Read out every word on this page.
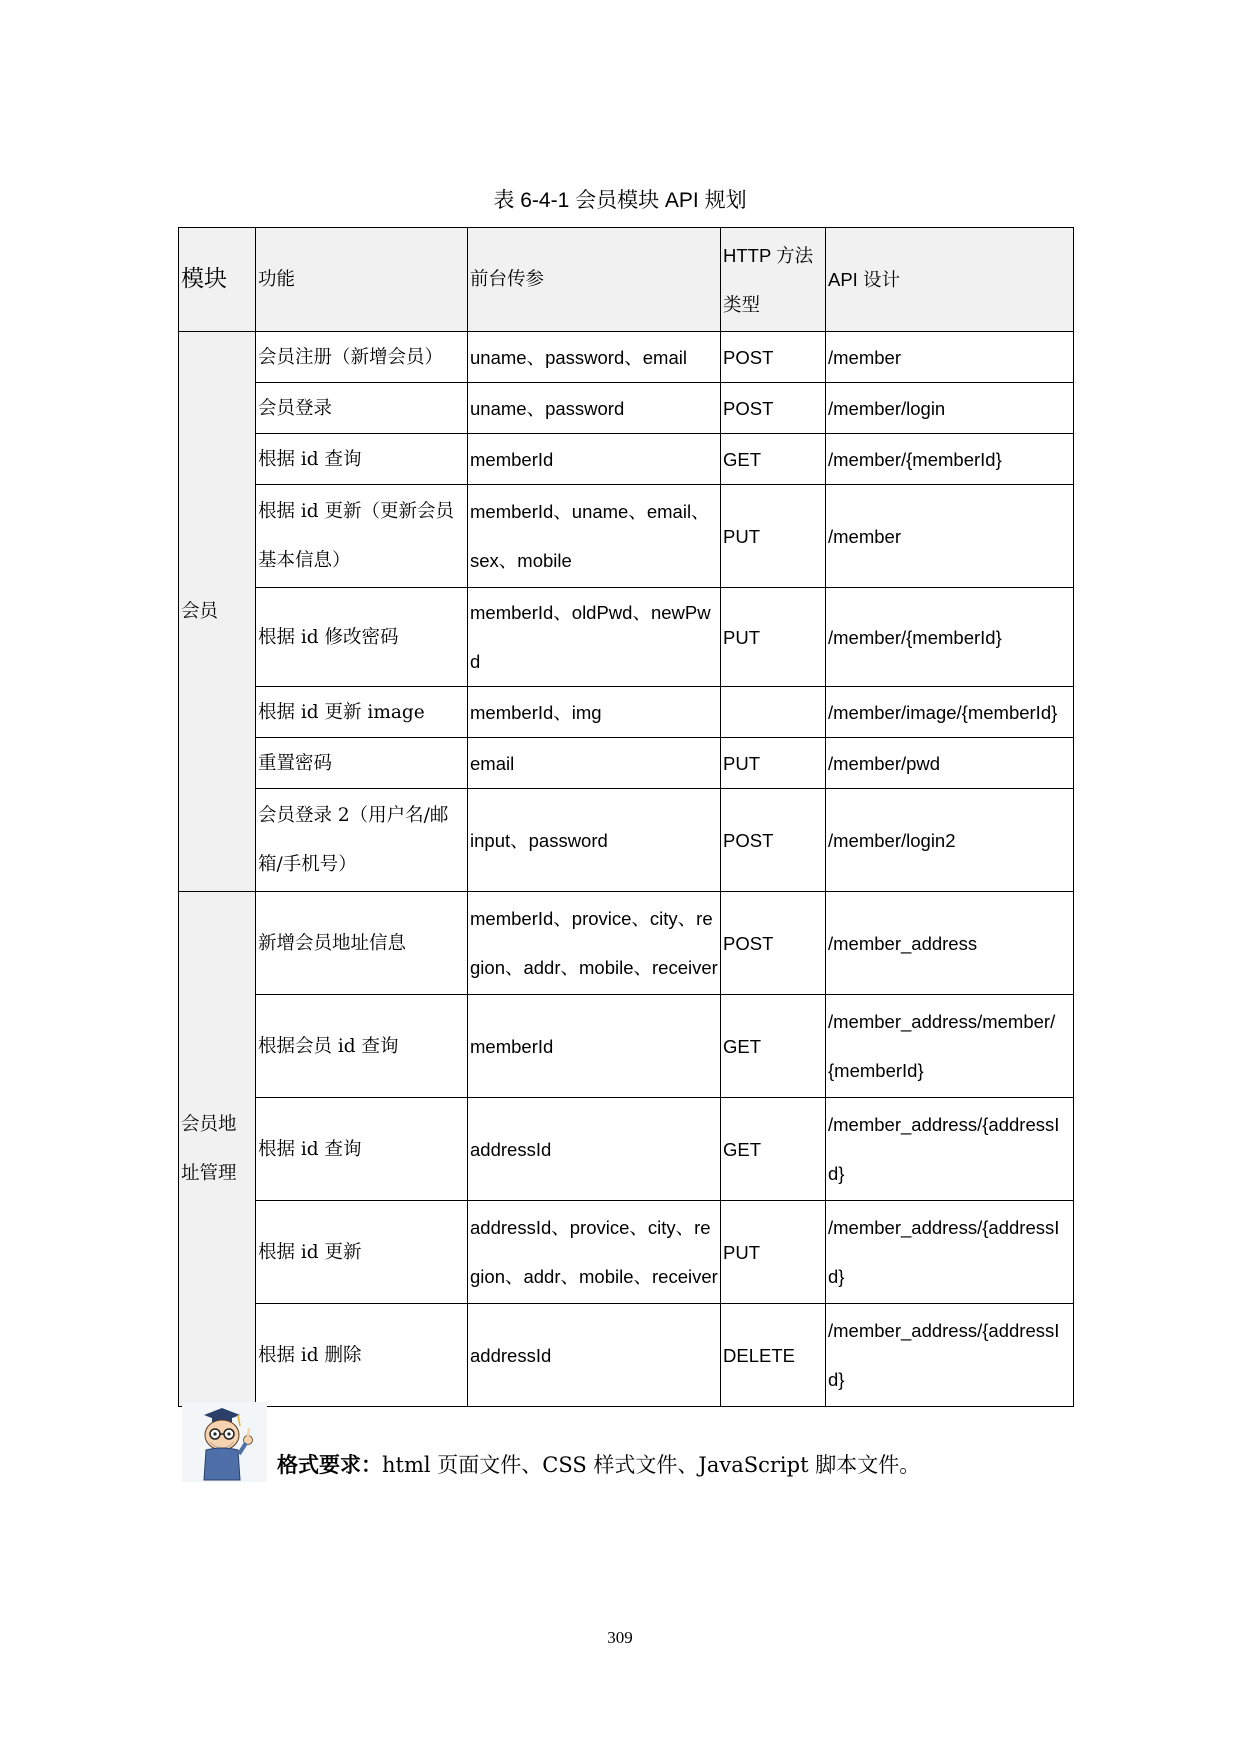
表 6-4-1 会员模块 API 规划
模块	功能	前台传参	HTTP 方法类型	API 设计
会员	会员注册（新增会员）	uname、password、email	POST	/member
	会员登录	uname、password	POST	/member/login
	根据 id 查询	memberId	GET	/member/{memberId}
	根据 id 更新（更新会员基本信息）	memberId、uname、email、sex、mobile	PUT	/member
	根据 id 修改密码	memberId、oldPwd、newPwd	PUT	/member/{memberId}
	根据 id 更新 image	memberId、img		/member/image/{memberId}
	重置密码	email	PUT	/member/pwd
	会员登录 2（用户名/邮箱/手机号）	input、password	POST	/member/login2
会员地址管理	新增会员地址信息	memberId、provice、city、region、addr、mobile、receiver	POST	/member_address
	根据会员 id 查询	memberId	GET	/member_address/member/{memberId}
	根据 id 查询	addressId	GET	/member_address/{addressId}
	根据 id 更新	addressId、provice、city、region、addr、mobile、receiver	PUT	/member_address/{addressId}
	根据 id 删除	addressId	DELETE	/member_address/{addressId}
格式要求：html 页面文件、CSS 样式文件、JavaScript 脚本文件。
309
